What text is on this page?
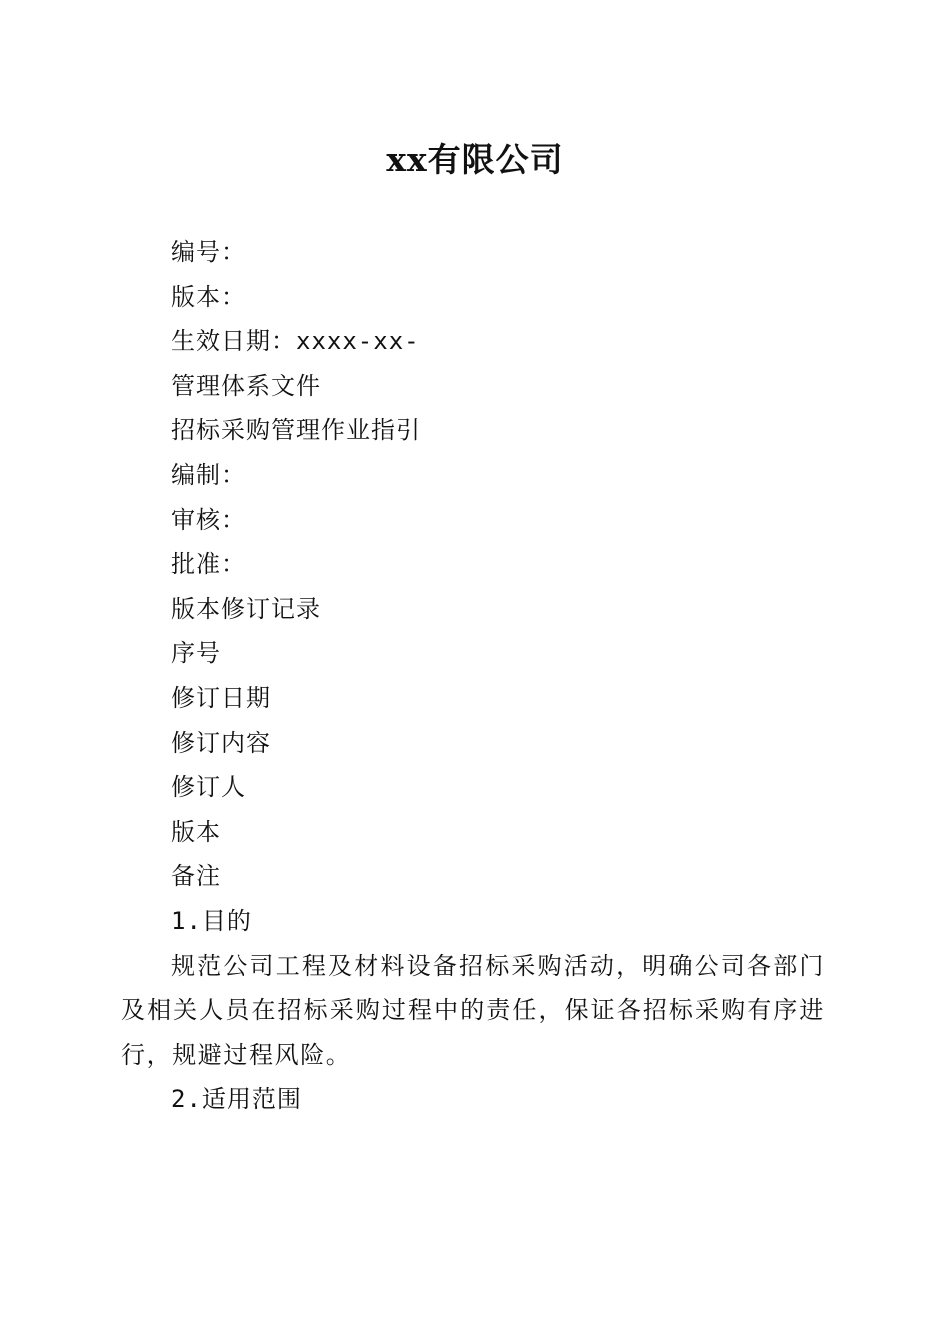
xx有限公司
编号：
版本：
生效日期：xxxx-xx-
管理体系文件
招标采购管理作业指引
编制：
审核：
批准：
版本修订记录
序号
修订日期
修订内容
修订人
版本
备注
1.目的
规范公司工程及材料设备招标采购活动，明确公司各部门及相关人员在招标采购过程中的责任，保证各招标采购有序进行，规避过程风险。
2.适用范围
